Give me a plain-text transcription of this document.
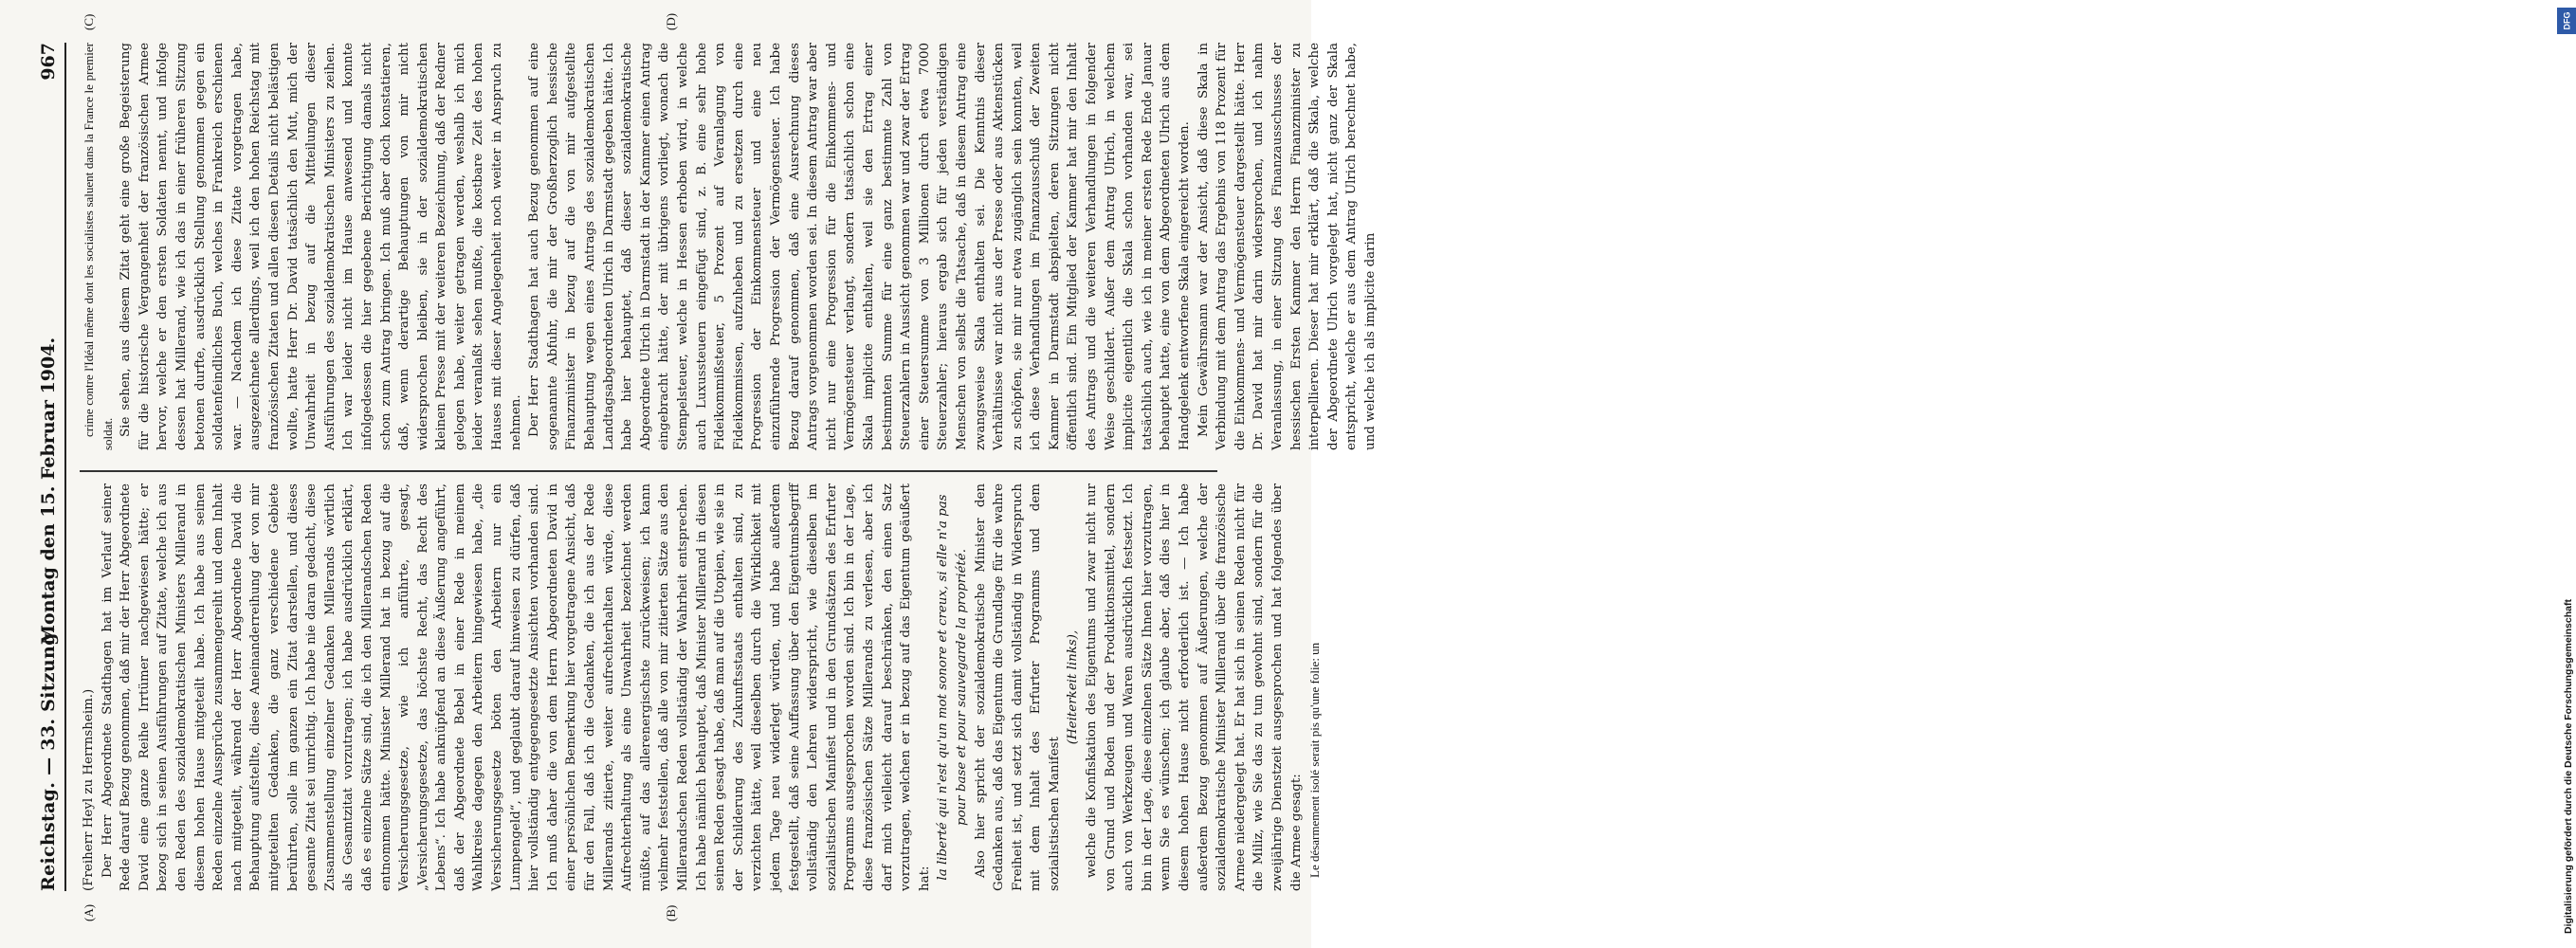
Reichstag. — 33. Sitzung.
Montag den 15. Februar 1904.
967
(A)	(B)
(C)	(D)

(Freiherr Heyl zu Herrnsheim.) Der Herr Abgeordnete Stadthagen hat im Verlauf seiner Rede darauf Bezug genommen, daß mir der Herr Abgeordnete David eine ganze Reihe Irrtümer nachgewiesen hätte; er bezog sich in seinen Ausführungen auf Zitate, welche ich aus den Reden des sozialdemokratischen Ministers Millerand in diesem hohen Hause mitgeteilt habe. Ich habe aus seinen Reden einzelne Aussprüche zusammengereiht und dem Inhalt nach mitgeteilt, während der Herr Abgeordnete David die Behauptung aufstellte, diese Aneinanderreihung der von mir mitgeteilten Gedanken, die ganz verschiedene Gebiete berührten, solle im ganzen ein Zitat darstellen, und dieses gesamte Zitat sei unrichtig. Ich habe nie daran gedacht, diese Zusammenstellung einzelner Gedanken Millerands wörtlich als Gesamtzitat vorzutragen; ich habe ausdrücklich erklärt, daß es einzelne Sätze sind, die ich den Millerandschen Reden entnommen hätte. Minister Millerand hat in bezug auf die Versicherungsgesetze, wie ich anführte, gesagt, „Versicherungsgesetze, das höchste Recht, das Recht des Lebens“. Ich habe anknüpfend an diese Äußerung angeführt, daß der Abgeordnete Bebel in einer Rede in meinem Wahlkreise dagegen den Arbeitern hingewiesen habe, „die Versicherungsgesetze böten den Arbeitern nur ein Lumpengeld“, und geglaubt darauf hinweisen zu dürfen, daß hier vollständig entgegengesetzte Ansichten vorhanden sind. Ich muß daher die von dem Herrn Abgeordneten David in einer persönlichen Bemerkung hier vorgetragene Ansicht, daß für den Fall, daß ich die Gedanken, die ich aus der Rede Millerands zitierte, weiter aufrechterhalten würde, diese Aufrechterhaltung als eine Unwahrheit bezeichnet werden müßte, auf das allerenergischste zurückweisen; ich kann vielmehr feststellen, daß alle von mir zitierten Sätze aus den Millerandschen Reden vollständig der Wahrheit entsprechen. Ich habe nämlich behauptet, daß Minister Millerand in diesen seinen Reden gesagt habe, daß man auf die Utopien, wie sie in der Schilderung des Zukunftsstaats enthalten sind, zu verzichten hätte, weil dieselben durch die Wirklichkeit mit jedem Tage neu widerlegt würden, und habe außerdem festgestellt, daß seine Auffassung über den Eigentumsbegriff vollständig den Lehren widerspricht, wie dieselben im sozialistischen Manifest und in den Grundsätzen des Erfurter Programms ausgesprochen worden sind. Ich bin in der Lage, diese französischen Sätze Millerands zu verlesen, aber ich darf mich vielleicht darauf beschränken, den einen Satz vorzutragen, welchen er in bezug auf das Eigentum geäußert hat: la liberté qui n'est qu'un mot sonore et creux, si elle n'a pas pour base et pour sauvegarde la propriété. Also hier spricht der sozialdemokratische Minister den Gedanken aus, daß das Eigentum die Grundlage für die wahre Freiheit ist, und setzt sich damit vollständig in Widerspruch mit dem Inhalt des Erfurter Programms und dem sozialistischen Manifest

(Heiterkeit links), welche die Konfiskation des Eigentums und zwar nicht nur von Grund und Boden und der Produktionsmittel, sondern auch von Werkzeugen und Waren ausdrücklich festsetzt. Ich bin in der Lage, diese einzelnen Sätze Ihnen hier vorzutragen, wenn Sie es wünschen; ich glaube aber, daß dies hier in diesem hohen Hause nicht erforderlich ist. — Ich habe außerdem Bezug genommen auf Äußerungen, welche der sozialdemokratische Minister Millerand über die französische Armee niedergelegt hat. Er hat sich in seinen Reden nicht für die Miliz, wie Sie das zu tun gewohnt sind, sondern für die zweijährige Dienstzeit ausgesprochen und hat folgendes über die Armee gesagt: Le désarmement isolé serait pis qu'une folie: un

crime contre l'Idéal même dont les socialistes saluent dans la France le premier soldat. Sie sehen, aus diesem Zitat geht eine große Begeisterung für die historische Vergangenheit der französischen Armee hervor, welche er den ersten Soldaten nennt, und infolge dessen hat Millerand, wie ich das in einer früheren Sitzung betonen durfte, ausdrücklich Stellung genommen gegen ein soldatenfeindliches Buch, welches in Frankreich erschienen war. — Nachdem ich diese Zitate vorgetragen habe, ausgezeichnete allerdings, weil ich den hohen Reichstag mit französischen Zitaten und allen diesen Details nicht belästigen wollte, hatte Herr Dr. David tatsächlich den Mut, mich der Unwahrheit in bezug auf die Mitteilungen dieser Ausführungen des sozialdemokratischen Ministers zu zeihen. Ich war leider nicht im Hause anwesend und konnte infolgedessen die hier gegebene Berichtigung damals nicht schon zum Antrag bringen. Ich muß aber doch konstatieren, daß, wenn derartige Behauptungen von mir nicht widersprochen bleiben, sie in der sozialdemokratischen kleinen Presse mit der weiteren Bezeichnung, daß der Redner gelogen habe, weiter getragen werden, weshalb ich mich leider veranlaßt sehen mußte, die kostbare Zeit des hohen Hauses mit dieser Angelegenheit noch weiter in Anspruch zu nehmen. Der Herr Stadthagen hat auch Bezug genommen auf eine sogenannte Abfuhr, die mir der Großherzoglich hessische Finanzminister in bezug auf die von mir aufgestellte Behauptung wegen eines Antrags des sozialdemokratischen Landtagsabgeordneten Ulrich in Darmstadt gegeben hätte. Ich habe hier behauptet, daß dieser sozialdemokratische Abgeordnete Ulrich in Darmstadt in der Kammer einen Antrag eingebracht hätte, der mit übrigens vorliegt, wonach die Stempelsteuer, welche in Hessen erhoben wird, in welche auch Luxussteuern eingefügt sind, z. B. eine sehr hohe Fideikommißsteuer, 5 Prozent auf Veranlagung von Fideikommissen, aufzuheben und zu ersetzen durch eine Progression der Einkommensteuer und eine neu einzuführende Progression der Vermögensteuer. Ich habe Bezug darauf genommen, daß eine Ausrechnung dieses Antrags vorgenommen worden sei. In diesem Antrag war aber nicht nur eine Progression für die Einkommens- und Vermögensteuer verlangt, sondern tatsächlich schon eine Skala implicite enthalten, weil sie den Ertrag einer bestimmten Summe für eine ganz bestimmte Zahl von Steuerzahlern in Aussicht genommen war und zwar der Ertrag einer Steuersumme von 3 Millionen durch etwa 7000 Steuerzahler; hieraus ergab sich für jeden verständigen Menschen von selbst die Tatsache, daß in diesem Antrag eine zwangsweise Skala enthalten sei. Die Kenntnis dieser Verhältnisse war nicht aus der Presse oder aus Aktenstücken zu schöpfen, sie mir nur etwa zugänglich sein konnten, weil ich diese Verhandlungen im Finanzausschuß der Zweiten Kammer in Darmstadt abspielten, deren Sitzungen nicht öffentlich sind. Ein Mitglied der Kammer hat mir den Inhalt des Antrags und die weiteren Verhandlungen in folgender Weise geschildert. Außer dem Antrag Ulrich, in welchem implicite eigentlich die Skala schon vorhanden war, sei tatsächlich auch, wie ich in meiner ersten Rede Ende Januar behauptet hatte, eine von dem Abgeordneten Ulrich aus dem Handgelenk entworfene Skala eingereicht worden. Mein Gewährsmann war der Ansicht, daß diese Skala in Verbindung mit dem Antrag das Ergebnis von 118 Prozent für die Einkommens- und Vermögensteuer dargestellt hätte. Herr Dr. David hat mir darin widersprochen, und ich nahm Veranlassung, in einer Sitzung des Finanzausschusses der hessischen Ersten Kammer den Herrn Finanzminister zu interpellieren. Dieser hat mir erklärt, daß die Skala, welche der Abgeordnete Ulrich vorgelegt hat, nicht ganz der Skala entspricht, welche er aus dem Antrag Ulrich berechnet habe, und welche ich als implicite darin

DFG
Digitalisierung gefördert durch die Deutsche Forschungsgemeinschaft
